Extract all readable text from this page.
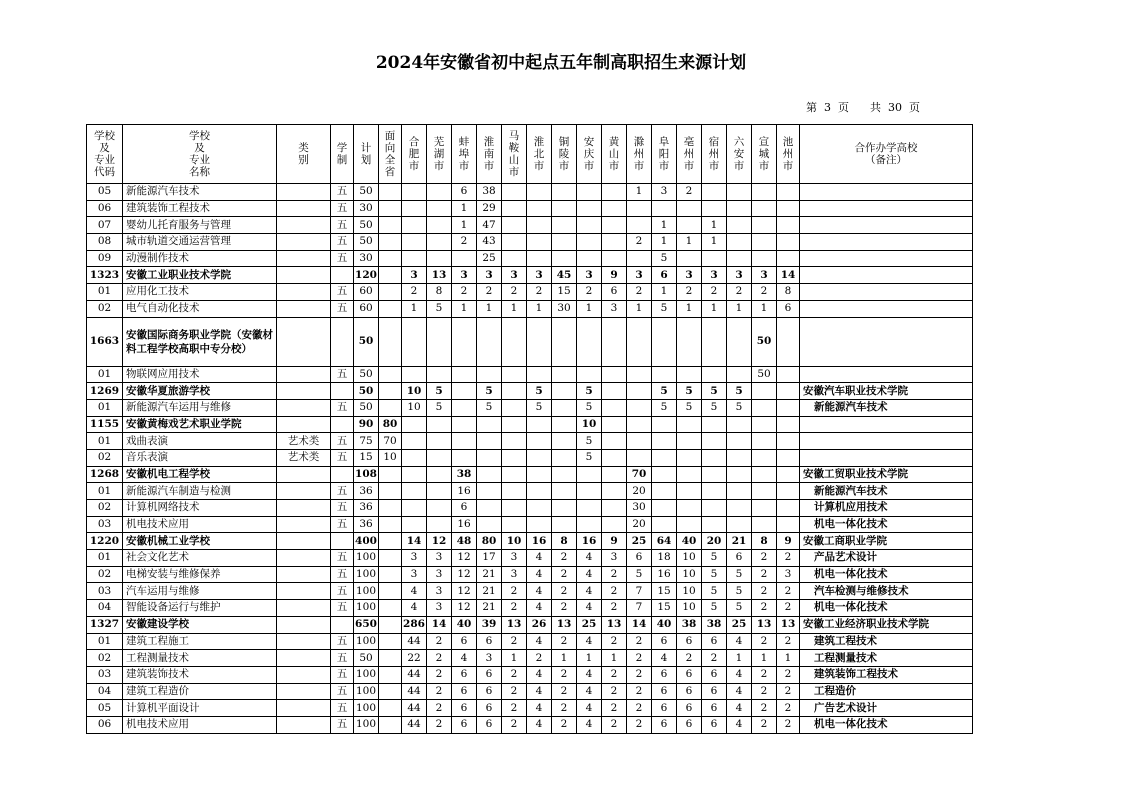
2024年安徽省初中起点五年制高职招生来源计划
第  3  页      共  30  页
学校
及
专业
代码	学校
及
专业
名称	类
别	学
制	计
划	面
向
全
省	合
肥
市	芜
湖
市	蚌
埠
市	淮
南
市	马
鞍
山
市	淮
北
市	铜
陵
市	安
庆
市	黄
山
市	滁
州
市	阜
阳
市	亳
州
市	宿
州
市	六
安
市	宣
城
市	池
州
市	合作办学高校
（备注）
05	新能源汽车技术		五	50				6	38						1	3	2					
06	建筑装饰工程技术		五	30				1	29													
07	婴幼儿托育服务与管理		五	50				1	47							1		1				
08	城市轨道交通运营管理		五	50				2	43						2	1	1	1				
09	动漫制作技术		五	30					25							5						
1323	安徽工业职业技术学院			120		3	13	3	3	3	3	45	3	9	3	6	3	3	3	3	14	
01	应用化工技术		五	60		2	8	2	2	2	2	15	2	6	2	1	2	2	2	2	8	
02	电气自动化技术		五	60		1	5	1	1	1	1	30	1	3	1	5	1	1	1	1	6	
1663	安徽国际商务职业学院（安徽材料工程学校高职中专分校）			50																50		
01	物联网应用技术		五	50																50		
1269	安徽华夏旅游学校			50		10	5		5		5		5			5	5	5	5			安徽汽车职业技术学院
01	新能源汽车运用与维修		五	50		10	5		5		5		5			5	5	5	5			新能源汽车技术
1155	安徽黄梅戏艺术职业学院			90	80								10									
01	戏曲表演	艺术类	五	75	70								5									
02	音乐表演	艺术类	五	15	10								5									
1268	安徽机电工程学校			108				38							70							安徽工贸职业技术学院
01	新能源汽车制造与检测		五	36				16							20							新能源汽车技术
02	计算机网络技术		五	36				6							30							计算机应用技术
03	机电技术应用		五	36				16							20							机电一体化技术
1220	安徽机械工业学校			400		14	12	48	80	10	16	8	16	9	25	64	40	20	21	8	9	安徽工商职业学院
01	社会文化艺术		五	100		3	3	12	17	3	4	2	4	3	6	18	10	5	6	2	2	产品艺术设计
02	电梯安装与维修保养		五	100		3	3	12	21	3	4	2	4	2	5	16	10	5	5	2	3	机电一体化技术
03	汽车运用与维修		五	100		4	3	12	21	2	4	2	4	2	7	15	10	5	5	2	2	汽车检测与维修技术
04	智能设备运行与维护		五	100		4	3	12	21	2	4	2	4	2	7	15	10	5	5	2	2	机电一体化技术
1327	安徽建设学校			650		286	14	40	39	13	26	13	25	13	14	40	38	38	25	13	13	安徽工业经济职业技术学院
01	建筑工程施工		五	100		44	2	6	6	2	4	2	4	2	2	6	6	6	4	2	2	建筑工程技术
02	工程测量技术		五	50		22	2	4	3	1	2	1	1	1	2	4	2	2	1	1	1	工程测量技术
03	建筑装饰技术		五	100		44	2	6	6	2	4	2	4	2	2	6	6	6	4	2	2	建筑装饰工程技术
04	建筑工程造价		五	100		44	2	6	6	2	4	2	4	2	2	6	6	6	4	2	2	工程造价
05	计算机平面设计		五	100		44	2	6	6	2	4	2	4	2	2	6	6	6	4	2	2	广告艺术设计
06	机电技术应用		五	100		44	2	6	6	2	4	2	4	2	2	6	6	6	4	2	2	机电一体化技术
